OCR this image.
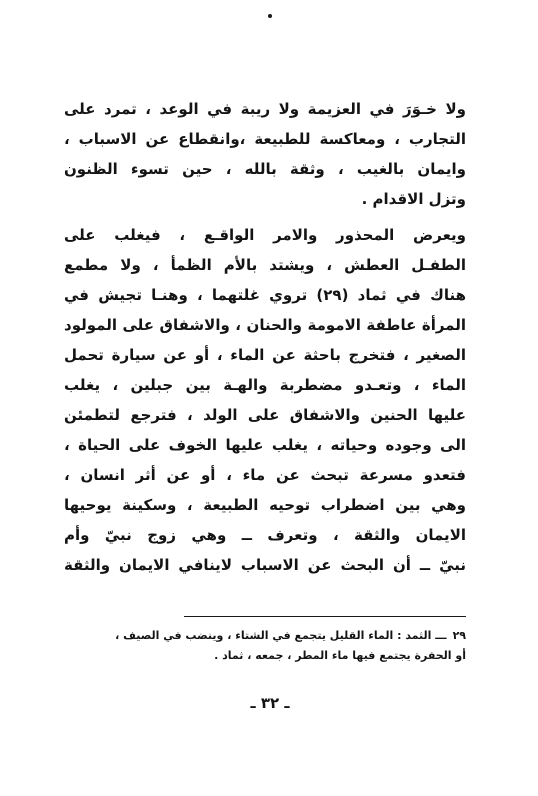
ولا خـوَرَ في العزيمة ولا ريبة في الوعد ، تمرد على
التجارب ، ومعاكسة للطبيعة ،وانقطاع عن الاسباب ،
وايمان بالغيب ، وثقة بالله ، حين تسوء الظنون
وتزل الاقدام .
ويعرض المحذور والامر الواقـع ، فيغلب على
الطفـل العطش ، ويشتد بالأم الظمأ ، ولا مطمع
هناك في ثماد (٢٩) تروي غلتهما ، وهنـا تجيش في
المرأة عاطفة الامومة والحنان ، والاشفاق على المولود
الصغير ، فتخرج باحثة عن الماء ، أو عن سيارة تحمل
الماء ، وتعـدو مضطربة والهـة بين جبلين ، يغلب
عليها الحنين والاشفاق على الولد ، فترجع لتطمئن
الى وجوده وحياته ، يغلب عليها الخوف على الحياة ،
فتعدو مسرعة تبحث عن ماء ، أو عن أثر انسان ،
وهي بين اضطراب توحيه الطبيعة ، وسكينة يوحيها
الايمان والثقة ، وتعرف ــ وهي زوج نبيّ وأم
نبيّ ــ أن البحث عن الاسباب لاينافي الايمان والثقة
٢٩ـــ الثمد : الماء القليل يتجمع في الشتاء ، وينضب في الصيف ،
أو الحفرة يجتمع فيها ماء المطر ، جمعه ، ثماد .
ـ ٣٢ ـ
